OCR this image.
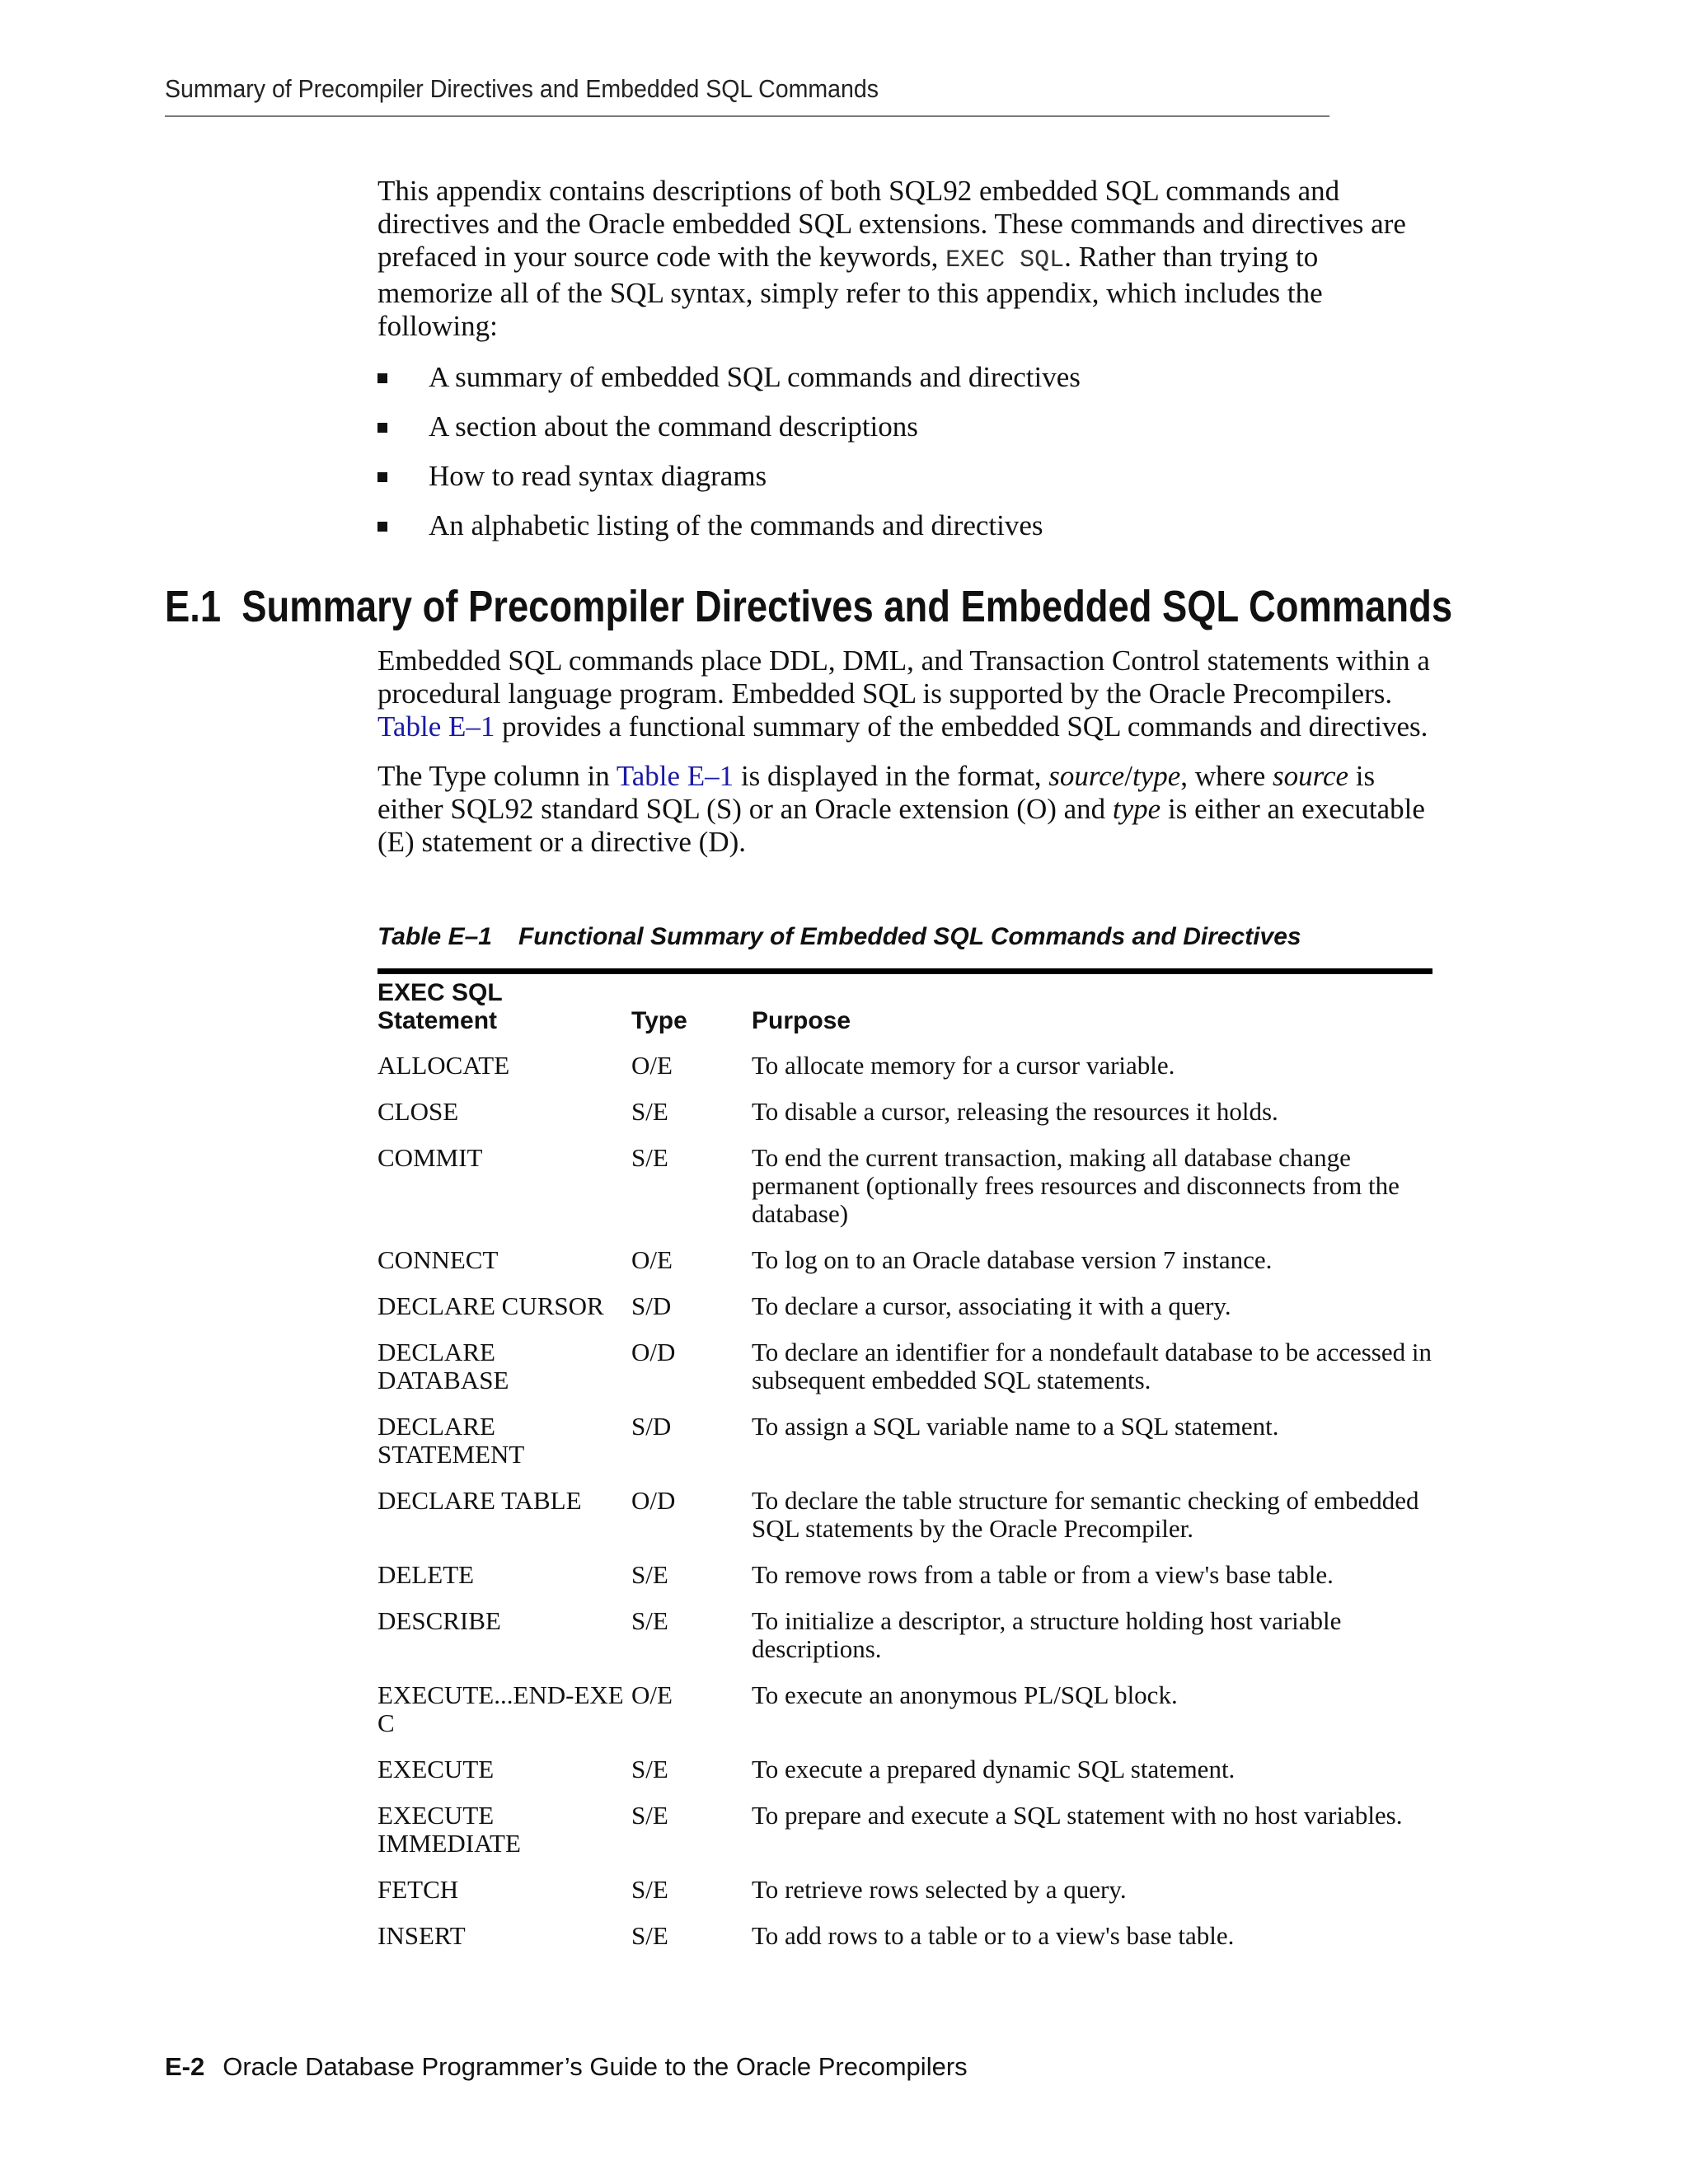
Summary of Precompiler Directives and Embedded SQL Commands

This appendix contains descriptions of both SQL92 embedded SQL commands and directives and the Oracle embedded SQL extensions. These commands and directives are prefaced in your source code with the keywords, EXEC SQL. Rather than trying to memorize all of the SQL syntax, simply refer to this appendix, which includes the following:

A summary of embedded SQL commands and directives
A section about the command descriptions
How to read syntax diagrams
An alphabetic listing of the commands and directives
E.1 Summary of Precompiler Directives and Embedded SQL Commands

Embedded SQL commands place DDL, DML, and Transaction Control statements within a procedural language program. Embedded SQL is supported by the Oracle Precompilers. Table E–1 provides a functional summary of the embedded SQL commands and directives.

The Type column in Table E–1 is displayed in the format, source/type, where source is either SQL92 standard SQL (S) or an Oracle extension (O) and type is either an executable (E) statement or a directive (D).

Table E–1 Functional Summary of Embedded SQL Commands and Directives
EXEC SQL
Statement	Type	Purpose
ALLOCATE	O/E	To allocate memory for a cursor variable.
CLOSE	S/E	To disable a cursor, releasing the resources it holds.
COMMIT	S/E	To end the current transaction, making all database change permanent (optionally frees resources and disconnects from the database)
CONNECT	O/E	To log on to an Oracle database version 7 instance.
DECLARE CURSOR	S/D	To declare a cursor, associating it with a query.
DECLARE DATABASE	O/D	To declare an identifier for a nondefault database to be accessed in subsequent embedded SQL statements.
DECLARE STATEMENT	S/D	To assign a SQL variable name to a SQL statement.
DECLARE TABLE	O/D	To declare the table structure for semantic checking of embedded SQL statements by the Oracle Precompiler.
DELETE	S/E	To remove rows from a table or from a view's base table.
DESCRIBE	S/E	To initialize a descriptor, a structure holding host variable descriptions.
EXECUTE...END-EXEC	O/E	To execute an anonymous PL/SQL block.
EXECUTE	S/E	To execute a prepared dynamic SQL statement.
EXECUTE IMMEDIATE	S/E	To prepare and execute a SQL statement with no host variables.
FETCH	S/E	To retrieve rows selected by a query.
INSERT	S/E	To add rows to a table or to a view's base table.
E-2 Oracle Database Programmer’s Guide to the Oracle Precompilers
